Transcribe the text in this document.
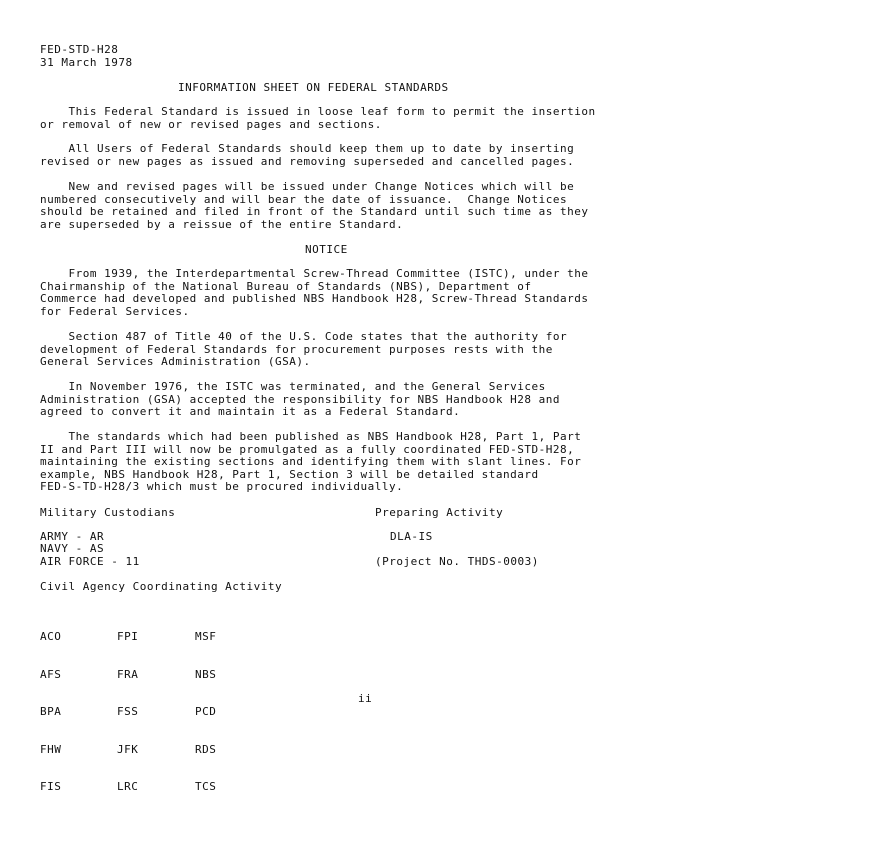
FED-STD-H28
31 March 1978
INFORMATION SHEET ON FEDERAL STANDARDS
This Federal Standard is issued in loose leaf form to permit the insertion
or removal of new or revised pages and sections.
All Users of Federal Standards should keep them up to date by inserting
revised or new pages as issued and removing superseded and cancelled pages.
New and revised pages will be issued under Change Notices which will be
numbered consecutively and will bear the date of issuance.  Change Notices
should be retained and filed in front of the Standard until such time as they
are superseded by a reissue of the entire Standard.
NOTICE
From 1939, the Interdepartmental Screw-Thread Committee (ISTC), under the
Chairmanship of the National Bureau of Standards (NBS), Department of
Commerce had developed and published NBS Handbook H28, Screw-Thread Standards
for Federal Services.
Section 487 of Title 40 of the U.S. Code states that the authority for
development of Federal Standards for procurement purposes rests with the
General Services Administration (GSA).
In November 1976, the ISTC was terminated, and the General Services
Administration (GSA) accepted the responsibility for NBS Handbook H28 and
agreed to convert it and maintain it as a Federal Standard.
The standards which had been published as NBS Handbook H28, Part 1, Part
II and Part III will now be promulgated as a fully coordinated FED-STD-H28,
maintaining the existing sections and identifying them with slant lines. For
example, NBS Handbook H28, Part 1, Section 3 will be detailed standard
FED-S-TD-H28/3 which must be procured individually.
Military Custodians	Preparing Activity
ARMY - AR
NAVY - AS
AIR FORCE - 11
DLA-IS
(Project No. THDS-0003)
Civil Agency Coordinating Activity

ACO

AFS

BPA

FHW

FIS

FPI

FRA

FSS

JFK

LRC

MSF

NBS

PCD

RDS

TCS

ii
